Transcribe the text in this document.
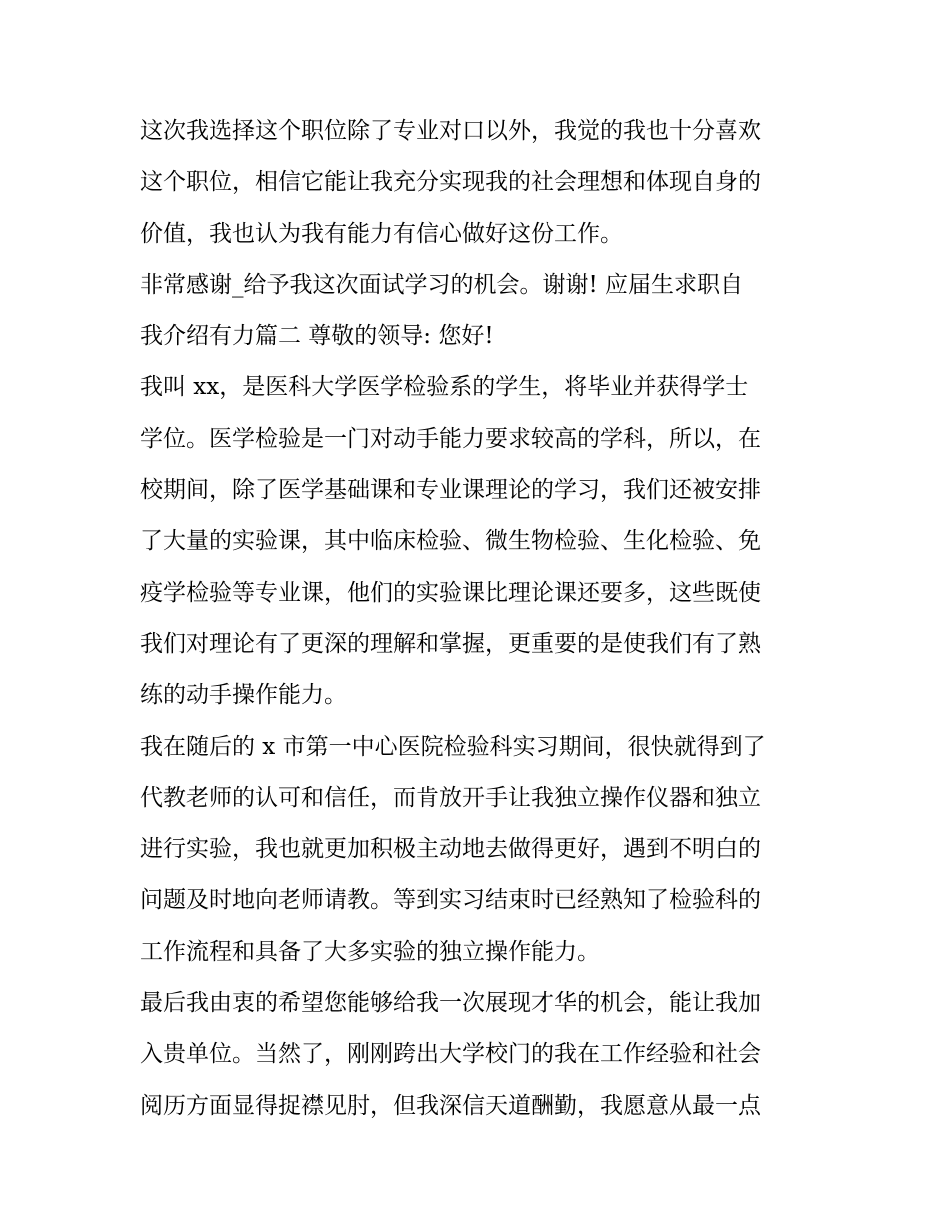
这次我选择这个职位除了专业对口以外，我觉的我也十分喜欢
这个职位，相信它能让我充分实现我的社会理想和体现自身的
价值，我也认为我有能力有信心做好这份工作。
非常感谢_给予我这次面试学习的机会。谢谢! 应届生求职自
我介绍有力篇二 尊敬的领导: 您好!
我叫 xx，是医科大学医学检验系的学生，将毕业并获得学士
学位。医学检验是一门对动手能力要求较高的学科，所以，在
校期间，除了医学基础课和专业课理论的学习，我们还被安排
了大量的实验课，其中临床检验、微生物检验、生化检验、免
疫学检验等专业课，他们的实验课比理论课还要多，这些既使
我们对理论有了更深的理解和掌握，更重要的是使我们有了熟
练的动手操作能力。
我在随后的 x 市第一中心医院检验科实习期间，很快就得到了
代教老师的认可和信任，而肯放开手让我独立操作仪器和独立
进行实验，我也就更加积极主动地去做得更好，遇到不明白的
问题及时地向老师请教。等到实习结束时已经熟知了检验科的
工作流程和具备了大多实验的独立操作能力。
最后我由衷的希望您能够给我一次展现才华的机会，能让我加
入贵单位。当然了，刚刚跨出大学校门的我在工作经验和社会
阅历方面显得捉襟见肘，但我深信天道酬勤，我愿意从最一点
